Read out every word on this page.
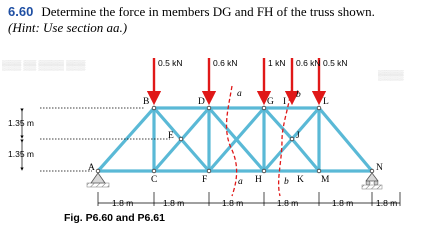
6.60 Determine the force in members DG and FH of the truss shown.
(Hint: Use section aa.)
▒▒▒ ▒▒ ▒▒▒▒ ▒▒▒
▒▒▒▒
0.5 kN	0.6 kN	1 kN 0.6 kN 0.5 kN
a
a
b
b
A
B
C
D
E
F
G
H
I
J
K
L
M
N
1.35 m
1.35 m
1.8 m	1.8 m	1.8 m	1.8 m	1.8 m	1.8 m
Fig. P6.60 and P6.61
